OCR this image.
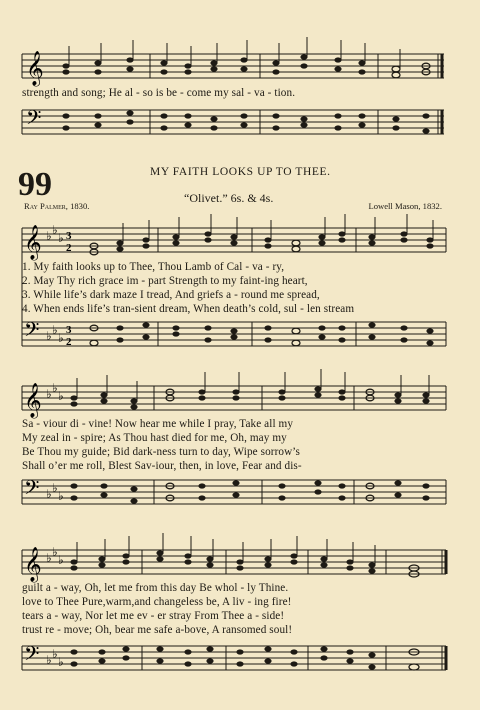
𝄞
strength and song; He al - so is be - come my sal - va - tion.
𝄢
99	MY FAITH LOOKS UP TO THEE.
“Olivet.” 6s. & 4s.
Ray Palmer, 1830.	Lowell Mason, 1832.
𝄞 ♭ ♭
♭ 3
2
1. My faith looks up to Thee, Thou Lamb of Cal - va - ry,
2. May Thy rich grace im - part Strength to my faint-ing heart,
3. While life’s dark maze I tread, And griefs a - round me spread,
4. When ends life’s tran-sient dream, When death’s cold, sul - len stream
𝄢 ♭ ♭
♭
3
2
𝄞 ♭ ♭
♭
Sa - viour di - vine! Now hear me while I pray, Take all my
My zeal in - spire; As Thou hast died for me, Oh, may my
Be Thou my guide; Bid dark-ness turn to day, Wipe sorrow’s
Shall o’er me roll, Blest Sav-iour, then, in love, Fear and dis-
𝄢 ♭ ♭
♭
𝄞 ♭ ♭
♭
guilt a - way, Oh, let me from this day Be whol - ly Thine.
love to Thee Pure,warm,and changeless be, A liv - ing fire!
tears a - way, Nor let me ev - er stray From Thee a - side!
trust re - move; Oh, bear me safe a-bove, A ransomed soul!
𝄢 ♭ ♭
♭
